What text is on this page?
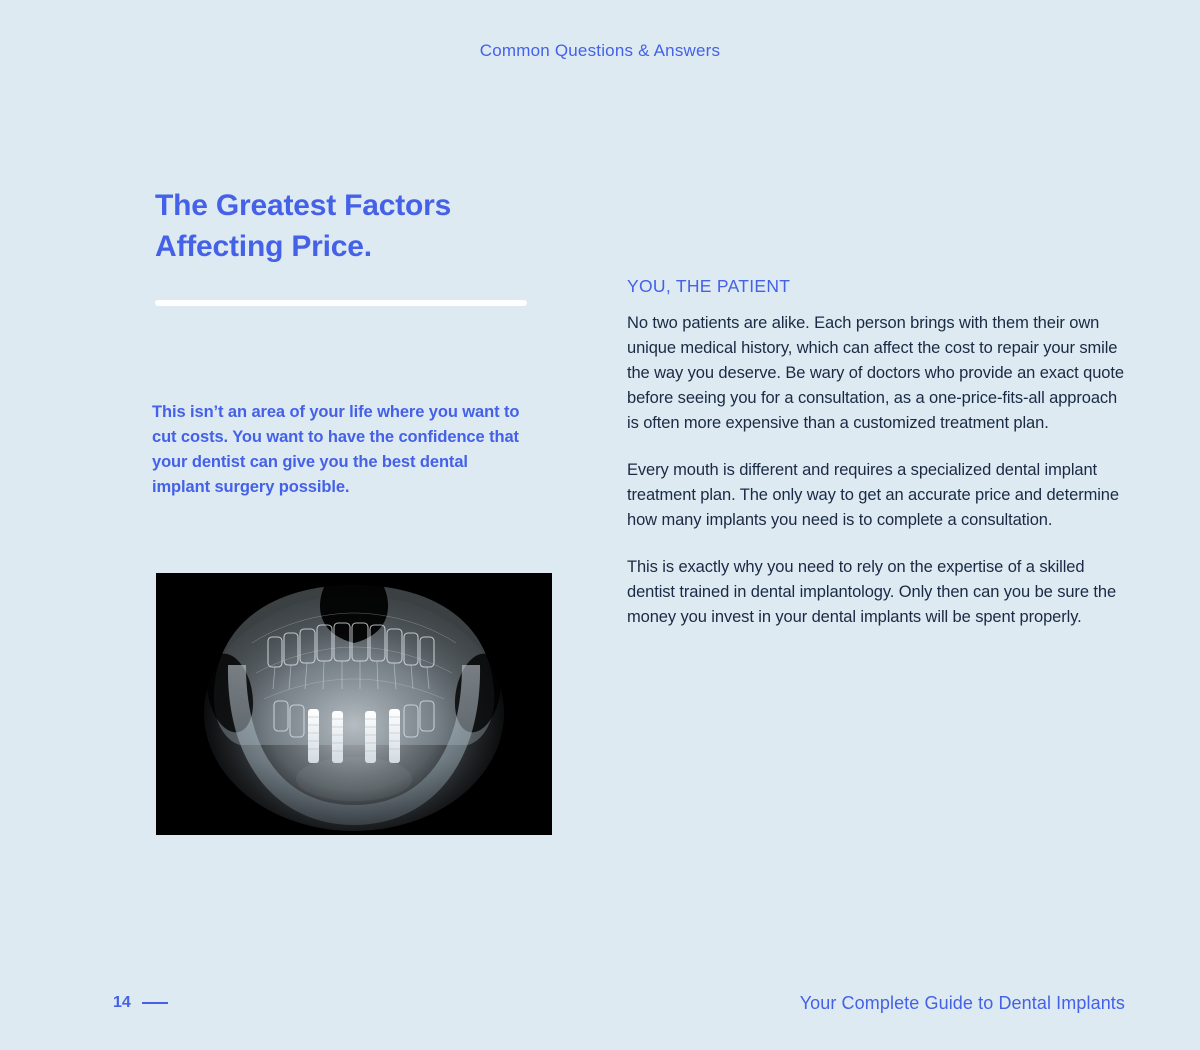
Common Questions & Answers
The Greatest Factors
Affecting Price.
This isn’t an area of your life where you want to cut costs. You want to have the confidence that your dentist can give you the best dental implant surgery possible.
YOU, THE PATIENT

No two patients are alike. Each person brings with them their own unique medical history, which can affect the cost to repair your smile the way you deserve. Be wary of doctors who provide an exact quote before seeing you for a consultation, as a one-price-fits-all approach is often more expensive than a customized treatment plan.

Every mouth is different and requires a specialized dental implant treatment plan. The only way to get an accurate price and determine how many implants you need is to complete a consultation.

This is exactly why you need to rely on the expertise of a skilled dentist trained in dental implantology. Only then can you be sure the money you invest in your dental implants will be spent properly.

14	Your Complete Guide to Dental Implants
